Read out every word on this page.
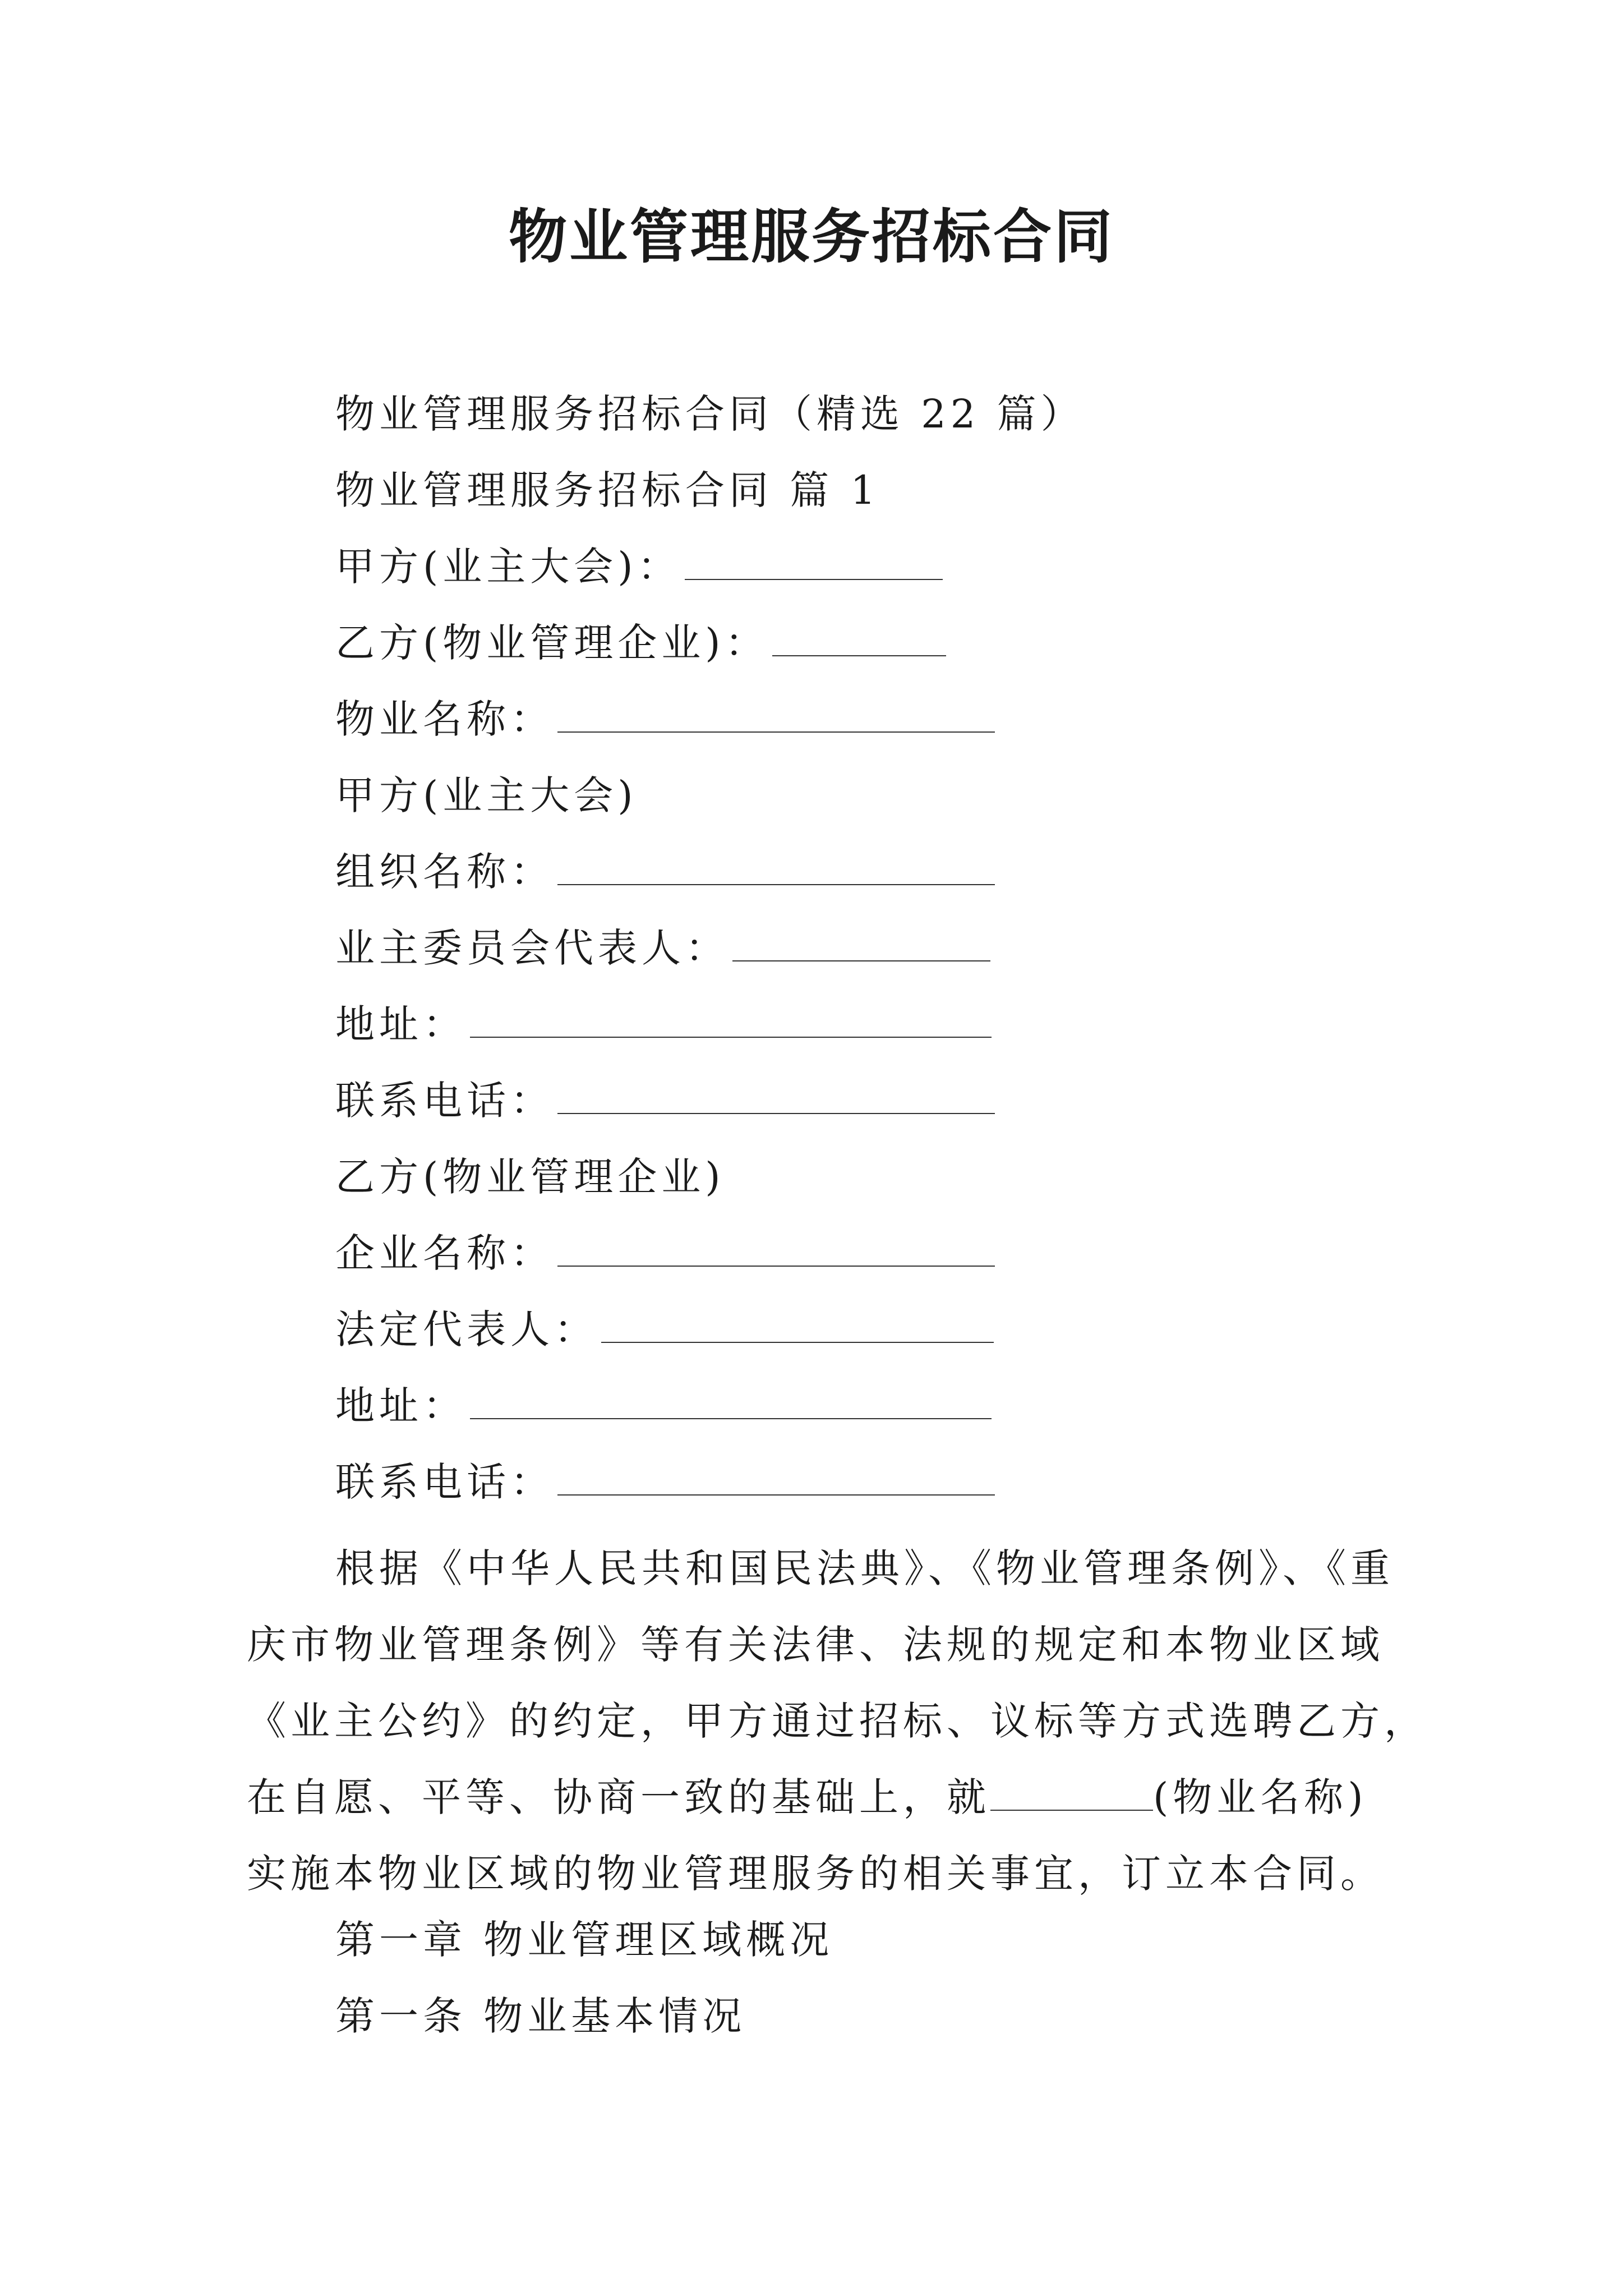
物业管理服务招标合同
物业管理服务招标合同（精选 22 篇）
物业管理服务招标合同 篇 1
甲方(业主大会)：
乙方(物业管理企业)：
物业名称：
甲方(业主大会)
组织名称：
业主委员会代表人：
地址：
联系电话：
乙方(物业管理企业)
企业名称：
法定代表人：
地址：
联系电话：
根据《中华人民共和国民法典》、《物业管理条例》、《重
庆市物业管理条例》等有关法律、法规的规定和本物业区域
《业主公约》的约定，甲方通过招标、议标等方式选聘乙方，
在自愿、平等、协商一致的基础上，就	(物业名称)
实施本物业区域的物业管理服务的相关事宜，订立本合同。
第一章 物业管理区域概况
第一条 物业基本情况
